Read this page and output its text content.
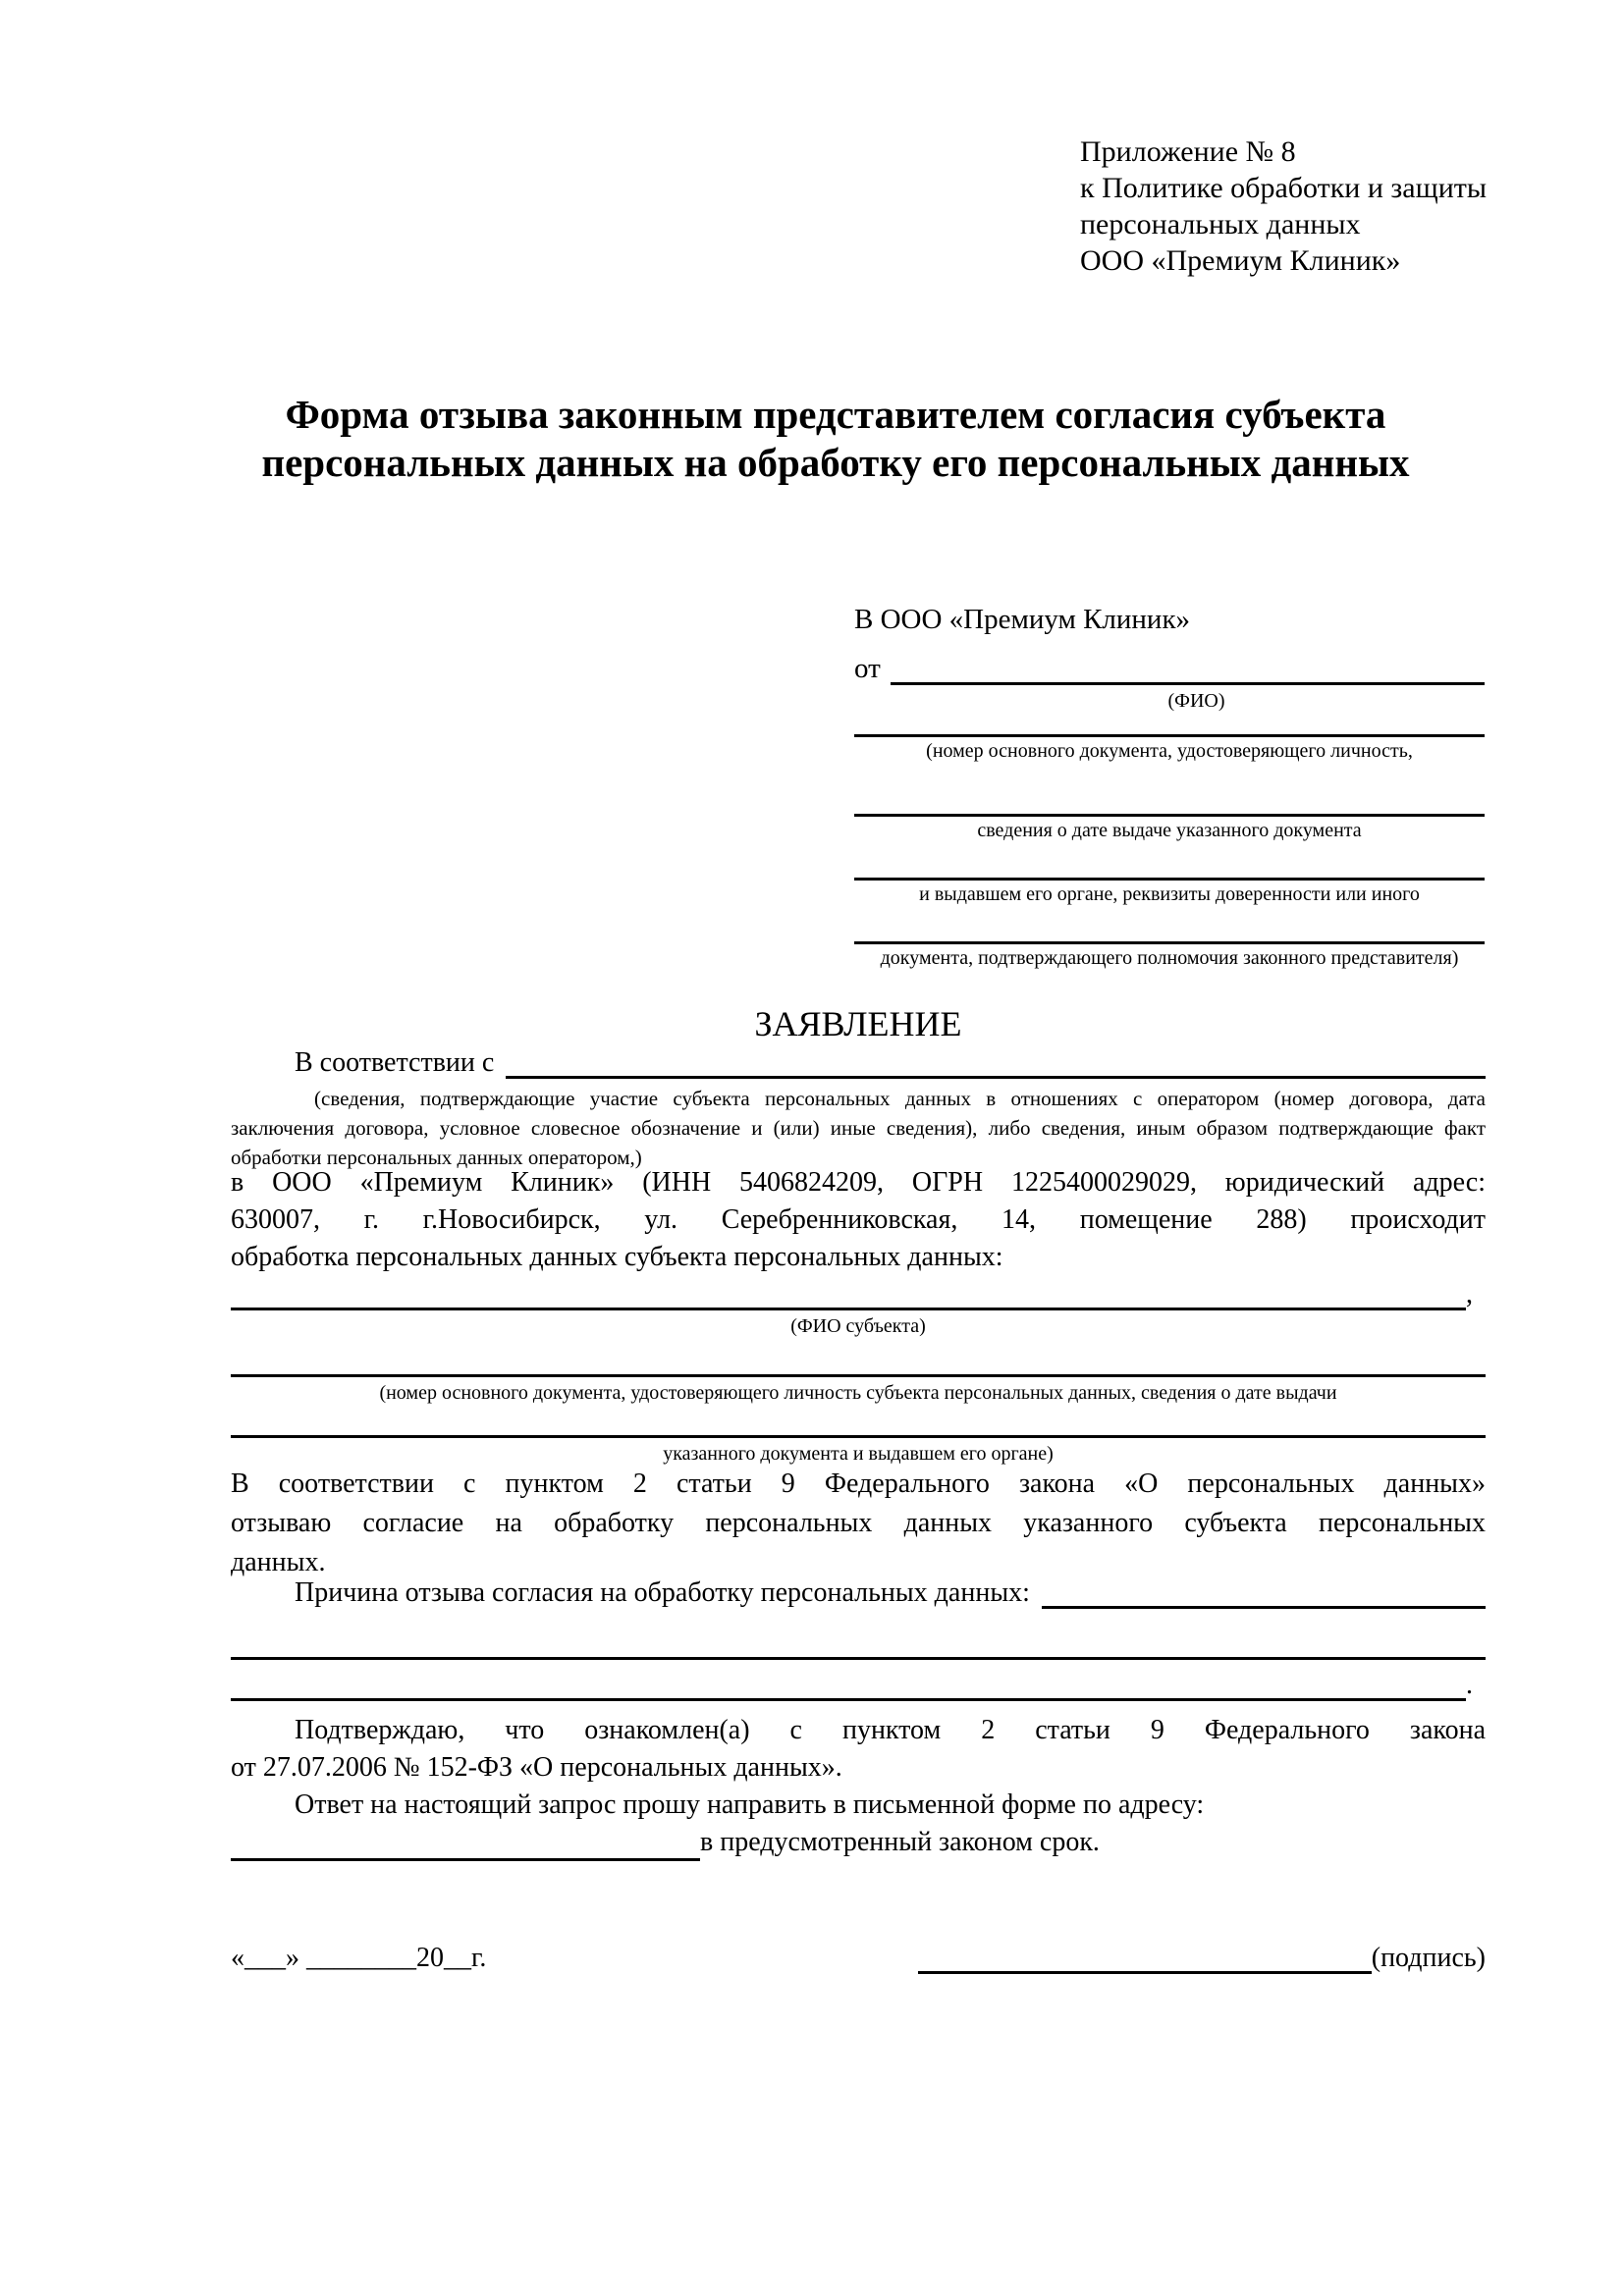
Приложение № 8
к Политике обработки и защиты
персональных данных
ООО «Премиум Клиник»
Форма отзыва законным представителем согласия субъекта
персональных данных на обработку его персональных данных
В ООО «Премиум Клиник»
от
(ФИО)
(номер основного документа, удостоверяющего личность,
сведения о дате выдаче указанного документа
и выдавшем его органе, реквизиты доверенности или иного
документа, подтверждающего полномочия законного представителя)
ЗАЯВЛЕНИЕ
В соответствии с
(сведения, подтверждающие участие субъекта персональных данных в отношениях с оператором (номер договора, дата
заключения договора, условное словесное обозначение и (или) иные сведения), либо сведения, иным образом подтверждающие факт
обработки персональных данных оператором,)
в ООО «Премиум Клиник» (ИНН 5406824209, ОГРН 1225400029029, юридический адрес:
630007, г. г.Новосибирск, ул. Серебренниковская, 14, помещение 288) происходит
обработка персональных данных субъекта персональных данных:
,
(ФИО субъекта)
(номер основного документа, удостоверяющего личность субъекта персональных данных, сведения о дате выдачи
указанного документа и выдавшем его органе)
В соответствии с пунктом 2 статьи 9 Федерального закона «О персональных данных»
отзываю согласие на обработку персональных данных указанного субъекта персональных
данных.
Причина отзыва согласия на обработку персональных данных:
.
Подтверждаю, что ознакомлен(а) с пунктом 2 статьи 9 Федерального закона
от 27.07.2006 № 152-ФЗ «О персональных данных».
Ответ на настоящий запрос прошу направить в письменной форме по адресу: в предусмотренный законом срок.
«___» ________20__г.	(подпись)
